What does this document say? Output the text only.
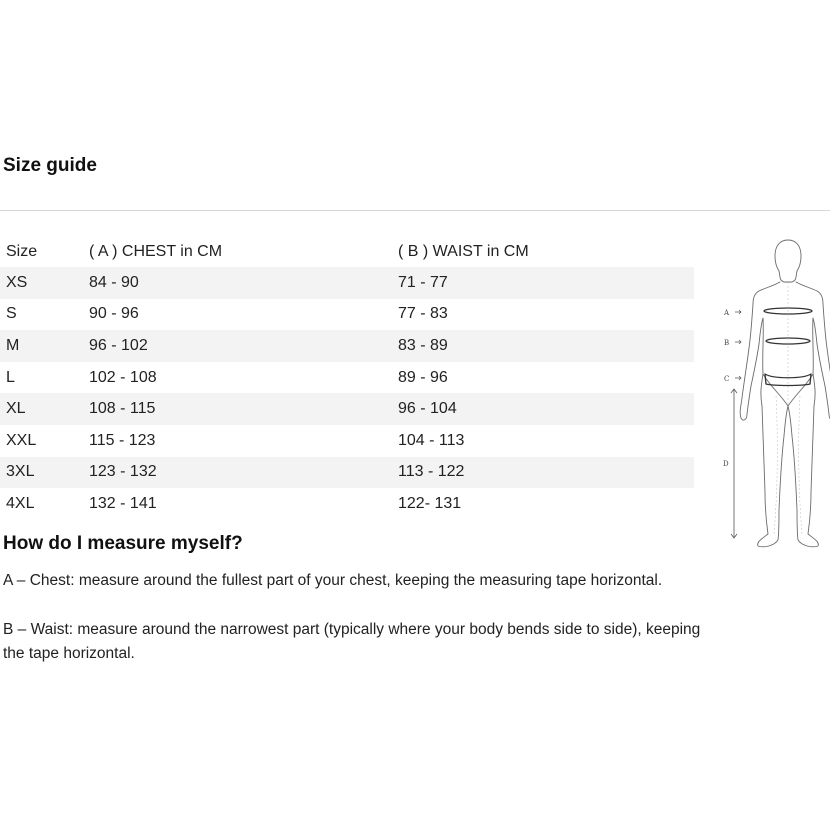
Size guide
Size	( A ) CHEST in CM	( B ) WAIST in CM
XS	84 - 90	71 - 77
S	90 - 96	77 - 83
M	96 - 102	83 - 89
L	102 - 108	89 - 96
XL	108 - 115	96 - 104
XXL	115 - 123	104 - 113
3XL	123 - 132	113 - 122
4XL	132 - 141	122- 131
A
B
C
D
How do I measure myself?
A – Chest: measure around the fullest part of your chest, keeping the measuring tape horizontal.
B – Waist: measure around the narrowest part (typically where your body bends side to side), keeping the tape horizontal.
